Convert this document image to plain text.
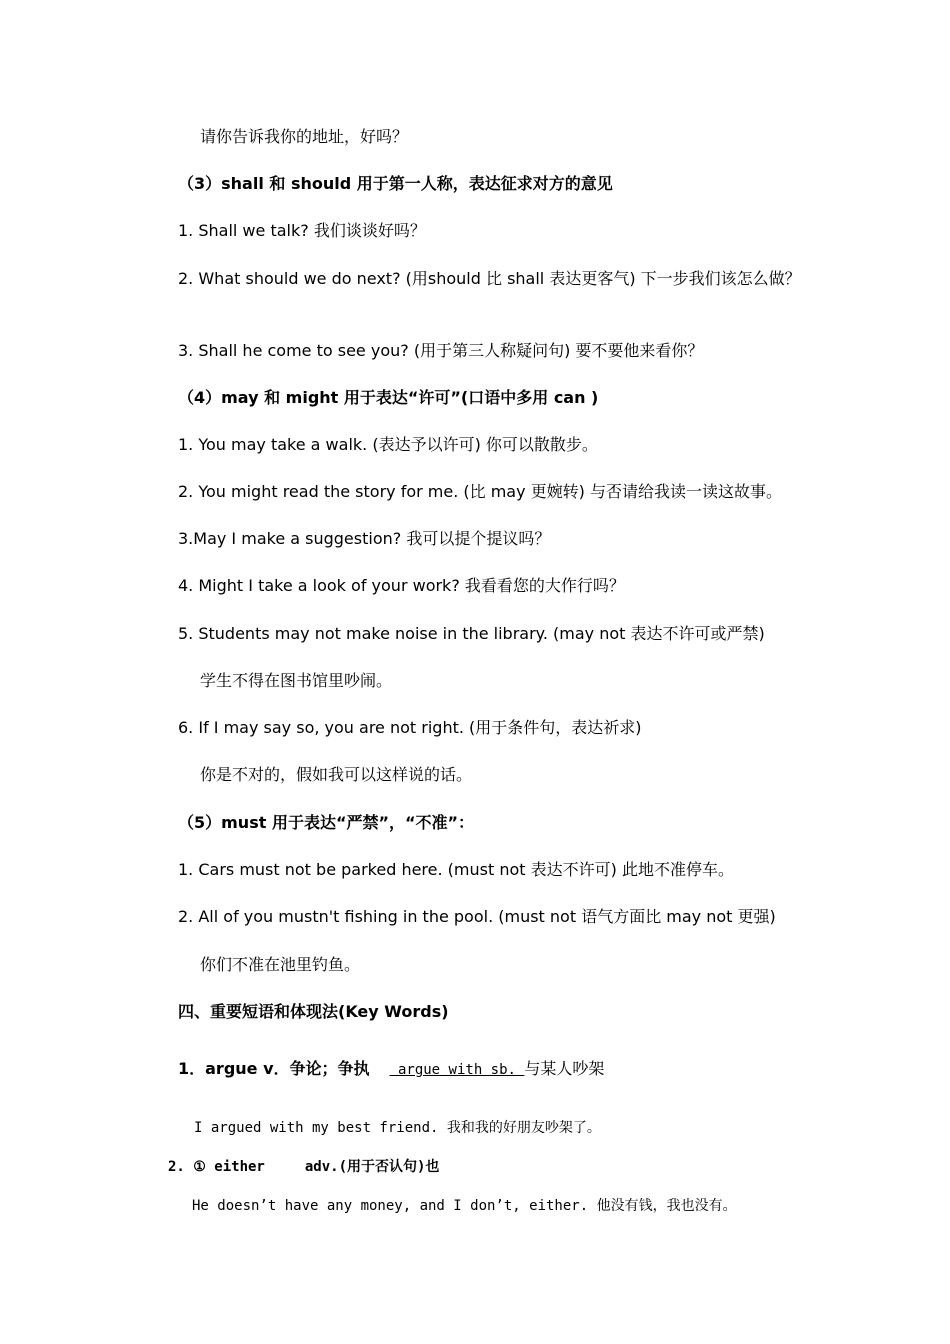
请你告诉我你的地址，好吗？
（3）shall 和 should 用于第一人称，表达征求对方的意见
1. Shall we talk? 我们谈谈好吗？
2. What should we do next? (用should 比 shall 表达更客气) 下一步我们该怎么做？
3. Shall he come to see you? (用于第三人称疑问句) 要不要他来看你？
（4）may 和 might 用于表达“许可”(口语中多用 can )
1. You may take a walk. (表达予以许可) 你可以散散步。
2. You might read the story for me. (比 may 更婉转) 与否请给我读一读这故事。
3.May I make a suggestion? 我可以提个提议吗？
4. Might I take a look of your work? 我看看您的大作行吗？
5. Students may not make noise in the library. (may not 表达不许可或严禁)
学生不得在图书馆里吵闹。
6. If I may say so, you are not right. (用于条件句，表达祈求)
你是不对的，假如我可以这样说的话。
（5）must 用于表达“严禁”，“不准”：
1. Cars must not be parked here. (must not 表达不许可) 此地不准停车。
2. All of you mustn't fishing in the pool. (must not 语气方面比 may not 更强)
你们不准在池里钓鱼。
四、重要短语和体现法(Key Words)
1．argue v．争论；争执 argue with sb. 与某人吵架
I argued with my best friend. 我和我的好朋友吵架了。
2. ① either	adv.(用于否认句)也
He doesn’t have any money, and I don’t, either. 他没有钱，我也没有。
